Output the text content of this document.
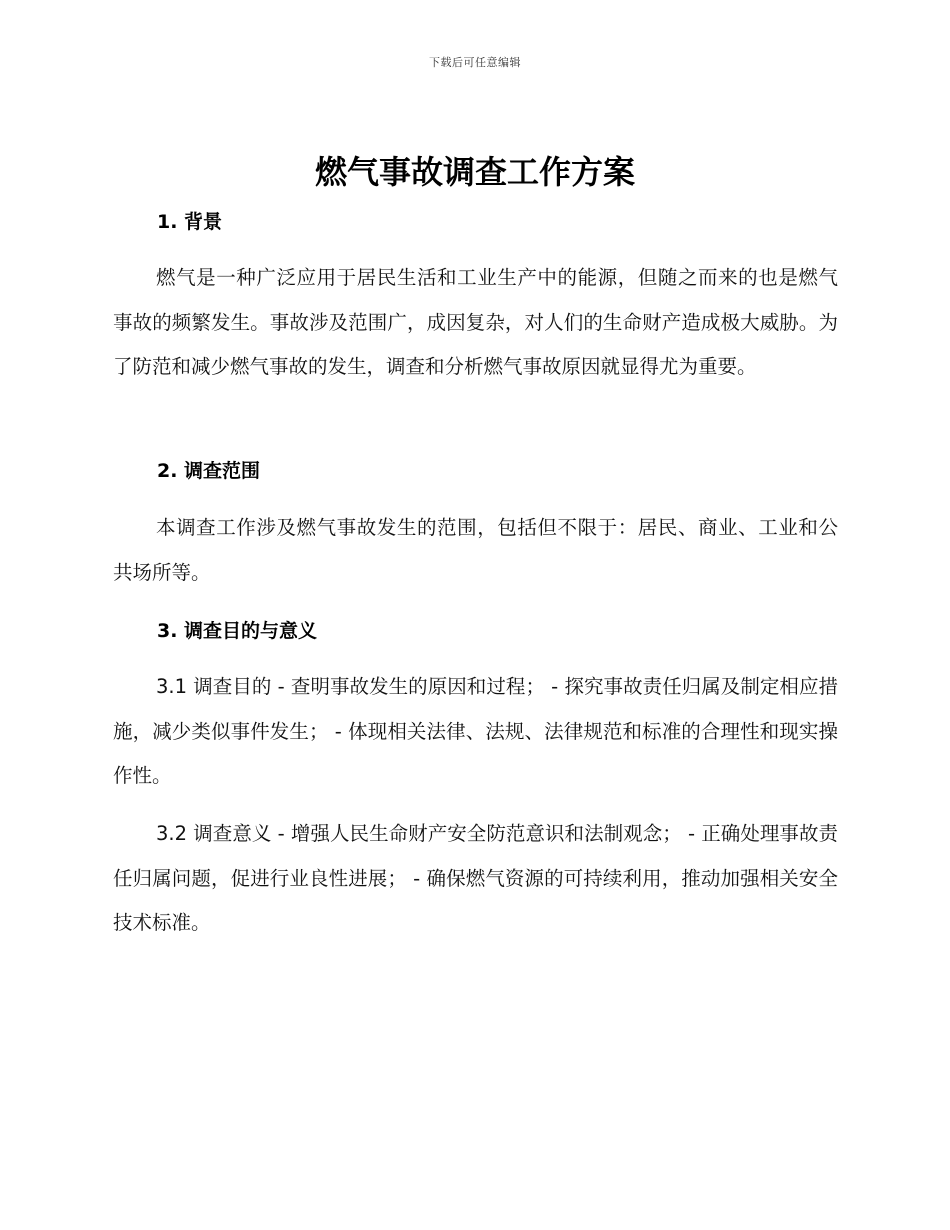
下载后可任意编辑
燃气事故调查工作方案
1. 背景

燃气是一种广泛应用于居民生活和工业生产中的能源，但随之而来的也是燃气事故的频繁发生。事故涉及范围广，成因复杂，对人们的生命财产造成极大威胁。为了防范和减少燃气事故的发生，调查和分析燃气事故原因就显得尤为重要。

2. 调查范围

本调查工作涉及燃气事故发生的范围，包括但不限于：居民、商业、工业和公共场所等。

3. 调查目的与意义

3.1 调查目的 - 查明事故发生的原因和过程； - 探究事故责任归属及制定相应措施，减少类似事件发生； - 体现相关法律、法规、法律规范和标准的合理性和现实操作性。

3.2 调查意义 - 增强人民生命财产安全防范意识和法制观念； - 正确处理事故责任归属问题，促进行业良性进展； - 确保燃气资源的可持续利用，推动加强相关安全技术标准。
